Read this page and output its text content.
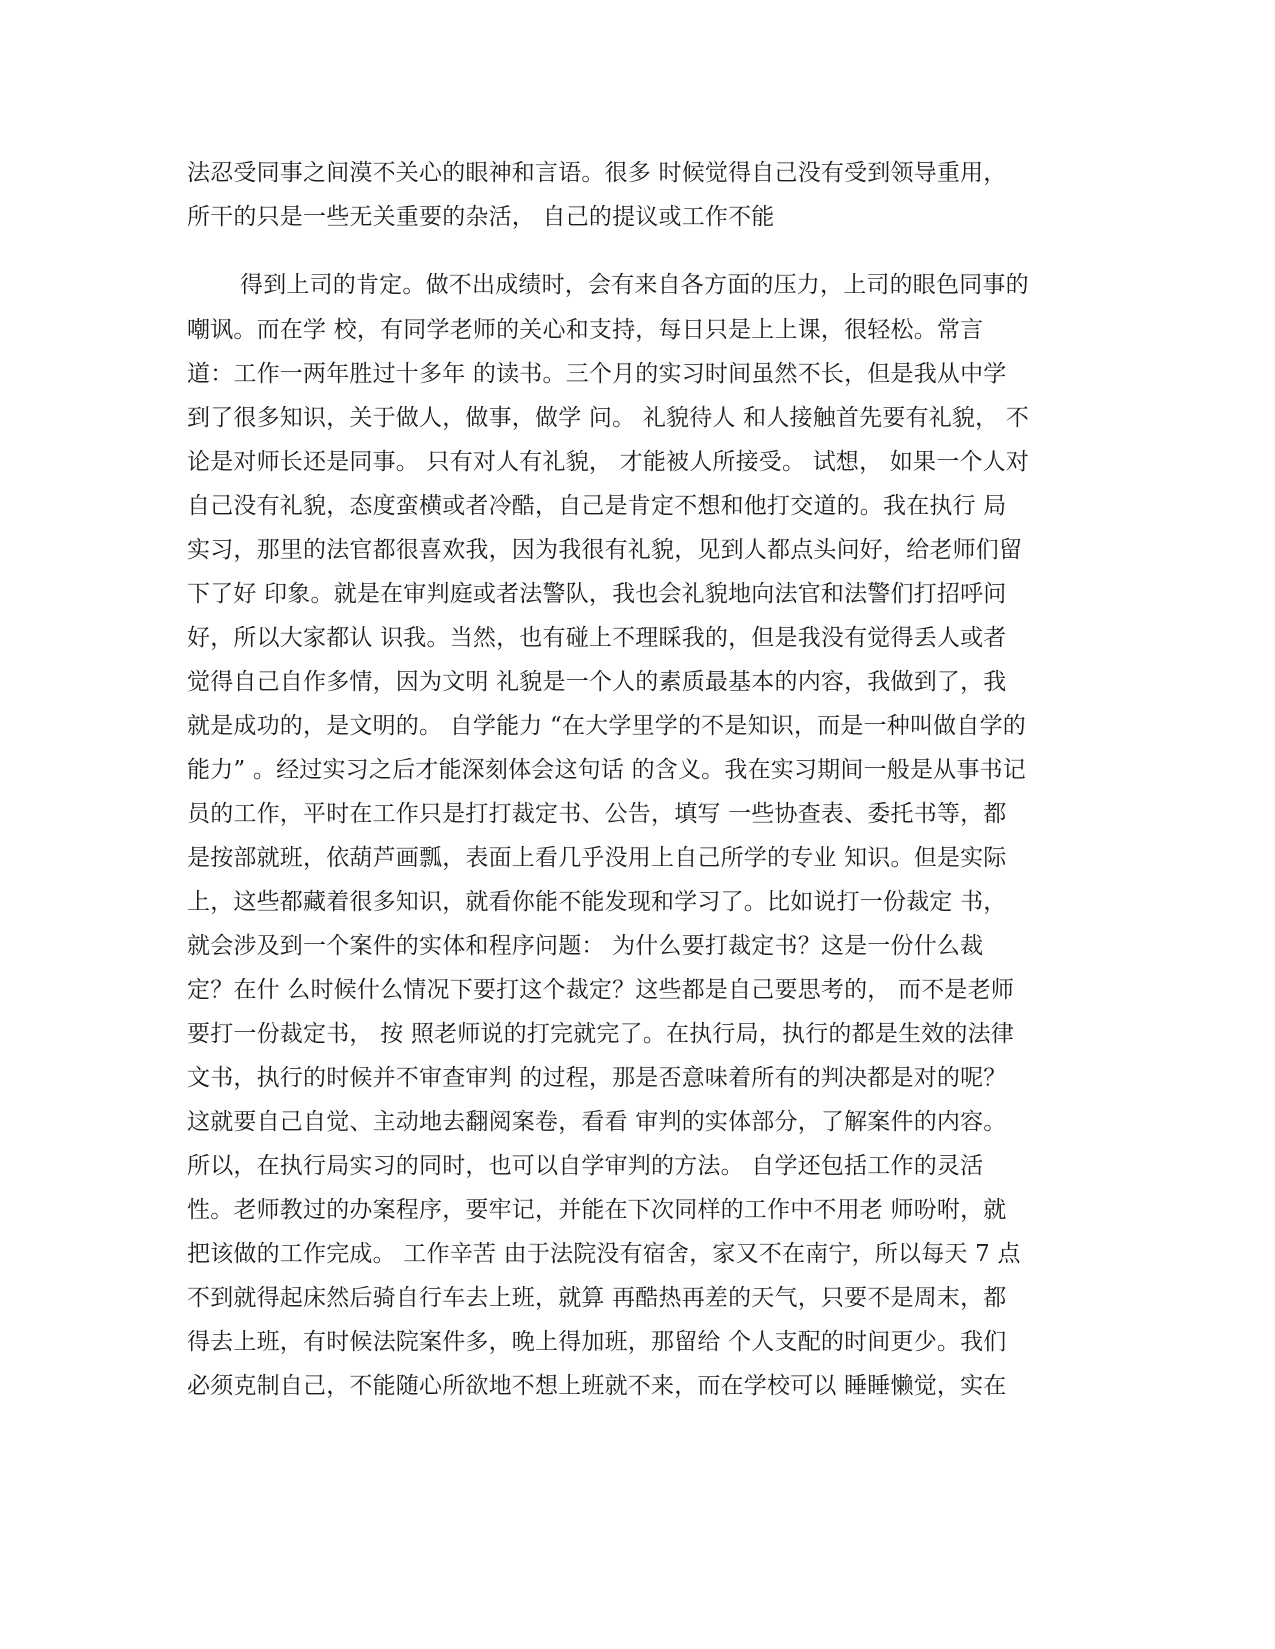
法忍受同事之间漠不关心的眼神和言语。很多 时候觉得自己没有受到领导重用，
所干的只是一些无关重要的杂活， 自己的提议或工作不能
得到上司的肯定。做不出成绩时，会有来自各方面的压力，上司的眼色同事的
嘲讽。而在学 校，有同学老师的关心和支持，每日只是上上课，很轻松。常言
道：工作一两年胜过十多年 的读书。三个月的实习时间虽然不长，但是我从中学
到了很多知识，关于做人，做事，做学 问。 礼貌待人 和人接触首先要有礼貌， 不
论是对师长还是同事。 只有对人有礼貌， 才能被人所接受。 试想， 如果一个人对
自己没有礼貌，态度蛮横或者冷酷，自己是肯定不想和他打交道的。我在执行 局
实习，那里的法官都很喜欢我，因为我很有礼貌，见到人都点头问好，给老师们留
下了好 印象。就是在审判庭或者法警队，我也会礼貌地向法官和法警们打招呼问
好，所以大家都认 识我。当然，也有碰上不理睬我的，但是我没有觉得丢人或者
觉得自己自作多情，因为文明 礼貌是一个人的素质最基本的内容，我做到了，我
就是成功的，是文明的。 自学能力 “在大学里学的不是知识，而是一种叫做自学的
能力” 。经过实习之后才能深刻体会这句话 的含义。我在实习期间一般是从事书记
员的工作，平时在工作只是打打裁定书、公告，填写 一些协查表、委托书等，都
是按部就班，依葫芦画瓢，表面上看几乎没用上自己所学的专业 知识。但是实际
上，这些都藏着很多知识，就看你能不能发现和学习了。比如说打一份裁定 书，
就会涉及到一个案件的实体和程序问题： 为什么要打裁定书？这是一份什么裁
定？在什 么时候什么情况下要打这个裁定？这些都是自己要思考的， 而不是老师
要打一份裁定书， 按 照老师说的打完就完了。在执行局，执行的都是生效的法律
文书，执行的时候并不审查审判 的过程，那是否意味着所有的判决都是对的呢？
这就要自己自觉、主动地去翻阅案卷，看看 审判的实体部分，了解案件的内容。
所以，在执行局实习的同时，也可以自学审判的方法。 自学还包括工作的灵活
性。老师教过的办案程序，要牢记，并能在下次同样的工作中不用老 师吩咐，就
把该做的工作完成。 工作辛苦 由于法院没有宿舍，家又不在南宁，所以每天 7 点
不到就得起床然后骑自行车去上班，就算 再酷热再差的天气，只要不是周末，都
得去上班，有时候法院案件多，晚上得加班，那留给 个人支配的时间更少。我们
必须克制自己，不能随心所欲地不想上班就不来，而在学校可以 睡睡懒觉，实在
